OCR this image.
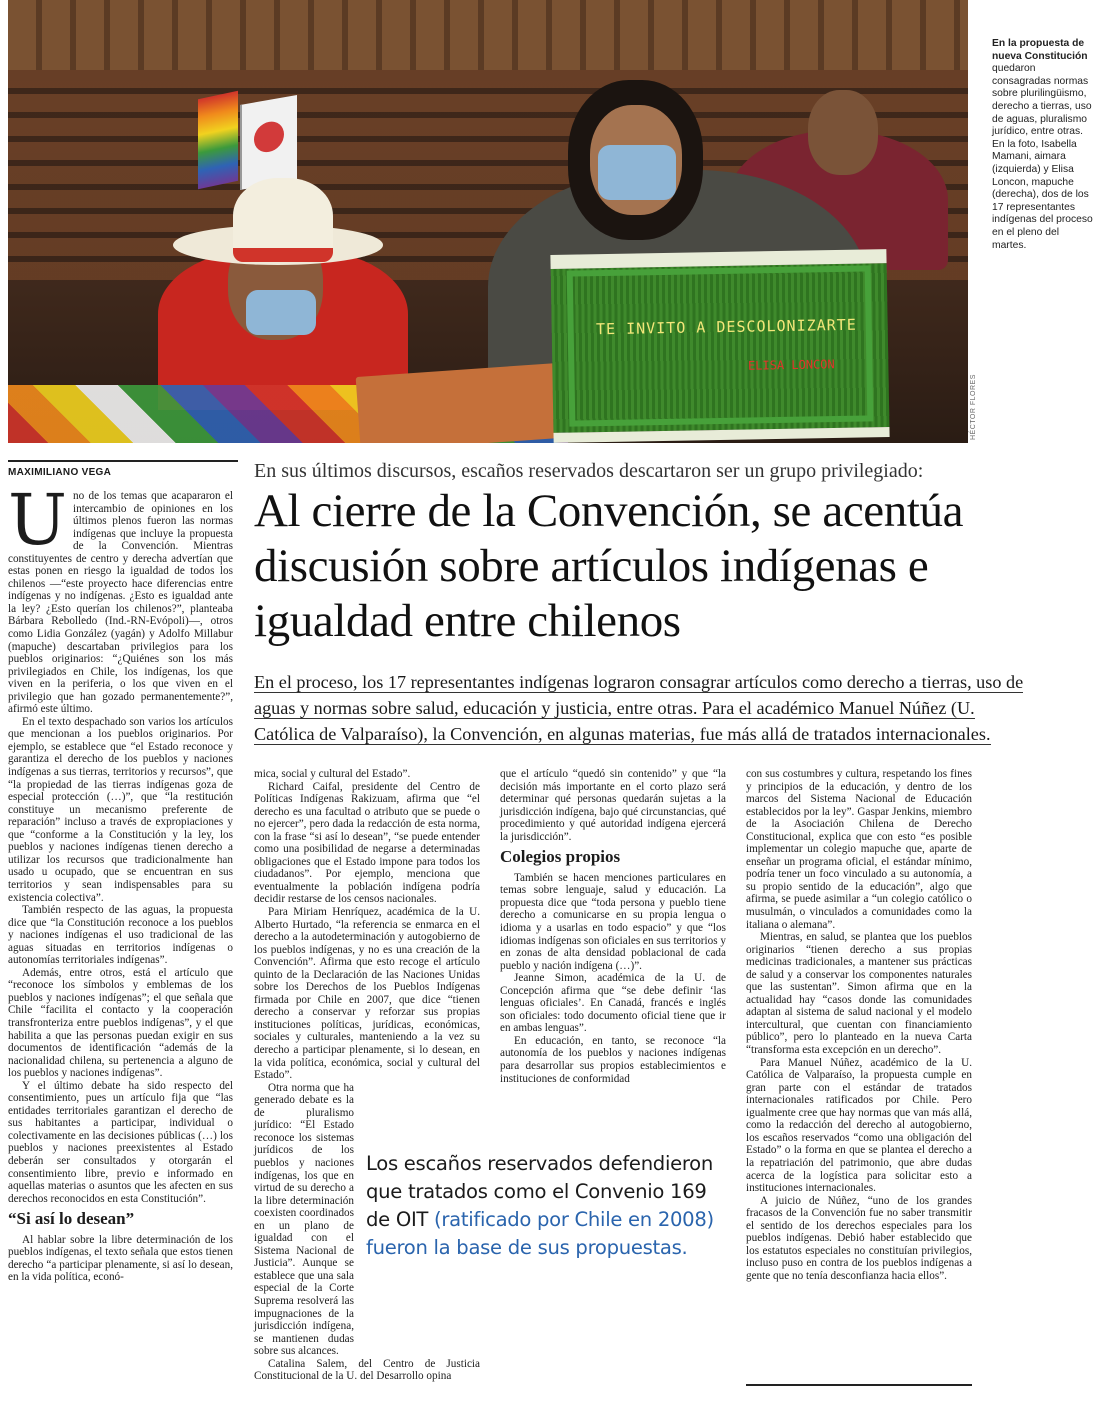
TE INVITO A DESCOLONIZARTE
ELISA LONCON
HÉCTOR FLORES
En la propuesta de nueva Constitución quedaron consagradas normas sobre plurilingüismo, derecho a tierras, uso de aguas, pluralismo jurídico, entre otras. En la foto, Isabella Mamani, aimara (izquierda) y Elisa Loncon, mapuche (derecha), dos de los 17 representantes indígenas del proceso en el pleno del martes.
MAXIMILIANO VEGA	En sus últimos discursos, escaños reservados descartaron ser un grupo privilegiado:
Al cierre de la Convención, se acentúa discusión sobre artículos indígenas e igualdad entre chilenos
En el proceso, los 17 representantes indígenas lograron consagrar artículos como derecho a tierras, uso de
aguas y normas sobre salud, educación y justicia, entre otras. Para el académico Manuel Núñez (U.
Católica de Valparaíso), la Convención, en algunas materias, fue más allá de tratados internacionales.

Uno de los temas que acapararon el intercambio de opiniones en los últimos plenos fueron las normas indígenas que incluye la propuesta de la Convención. Mientras constituyentes de centro y derecha advertían que estas ponen en riesgo la igualdad de todos los chilenos —“este proyecto hace diferencias entre indígenas y no indígenas. ¿Esto es igualdad ante la ley? ¿Esto querían los chilenos?”, planteaba Bárbara Rebolledo (Ind.-RN-Evópoli)—, otros como Lidia González (yagán) y Adolfo Millabur (mapuche) descartaban privilegios para los pueblos originarios: “¿Quiénes son los más privilegiados en Chile, los indígenas, los que viven en la periferia, o los que viven en el privilegio que han gozado permanentemente?”, afirmó este último.

En el texto despachado son varios los artículos que mencionan a los pueblos originarios. Por ejemplo, se establece que “el Estado reconoce y garantiza el derecho de los pueblos y naciones indígenas a sus tierras, territorios y recursos”, que “la propiedad de las tierras indígenas goza de especial protección (…)”, que “la restitución constituye un mecanismo preferente de reparación” incluso a través de expropiaciones y que “conforme a la Constitución y la ley, los pueblos y naciones indígenas tienen derecho a utilizar los recursos que tradicionalmente han usado u ocupado, que se encuentran en sus territorios y sean indispensables para su existencia colectiva”.

También respecto de las aguas, la propuesta dice que “la Constitución reconoce a los pueblos y naciones indígenas el uso tradicional de las aguas situadas en territorios indígenas o autonomías territoriales indígenas”.

Además, entre otros, está el artículo que “reconoce los símbolos y emblemas de los pueblos y naciones indígenas”; el que señala que Chile “facilita el contacto y la cooperación transfronteriza entre pueblos indígenas”, y el que habilita a que las personas puedan exigir en sus documentos de identificación “además de la nacionalidad chilena, su pertenencia a alguno de los pueblos y naciones indígenas”.

Y el último debate ha sido respecto del consentimiento, pues un artículo fija que “las entidades territoriales garantizan el derecho de sus habitantes a participar, individual o colectivamente en las decisiones públicas (…) los pueblos y naciones preexistentes al Estado deberán ser consultados y otorgarán el consentimiento libre, previo e informado en aquellas materias o asuntos que les afecten en sus derechos reconocidos en esta Constitución”.

“Si así lo desean”

Al hablar sobre la libre determinación de los pueblos indígenas, el texto señala que estos tienen derecho “a participar plenamente, si así lo desean, en la vida política, econó-

mica, social y cultural del Estado”.

Richard Caifal, presidente del Centro de Políticas Indígenas Rakizuam, afirma que “el derecho es una facultad o atributo que se puede o no ejercer”, pero dada la redacción de esta norma, con la frase “si así lo desean”, “se puede entender como una posibilidad de negarse a determinadas obligaciones que el Estado impone para todos los ciudadanos”. Por ejemplo, menciona que eventualmente la población indígena podría decidir restarse de los censos nacionales.

Para Miriam Henríquez, académica de la U. Alberto Hurtado, “la referencia se enmarca en el derecho a la autodeterminación y autogobierno de los pueblos indígenas, y no es una creación de la Convención”. Afirma que esto recoge el artículo quinto de la Declaración de las Naciones Unidas sobre los Derechos de los Pueblos Indígenas firmada por Chile en 2007, que dice “tienen derecho a conservar y reforzar sus propias instituciones políticas, jurídicas, económicas, sociales y culturales, manteniendo a la vez su derecho a participar plenamente, si lo desean, en la vida política, económica, social y cultural del Estado”.

Otra norma que ha generado debate es la de pluralismo jurídico: “El Estado reconoce los sistemas jurídicos de los pueblos y naciones indígenas, los que en virtud de su derecho a la libre determinación coexisten coordinados en un plano de igualdad con el Sistema Nacional de Justicia”. Aunque se establece que una sala especial de la Corte Suprema resolverá las impugnaciones de la jurisdicción indígena, se mantienen dudas sobre sus alcances.

Catalina Salem, del Centro de Justicia Constitucional de la U. del Desarrollo opina

que el artículo “quedó sin contenido” y que “la decisión más importante en el corto plazo será determinar qué personas quedarán sujetas a la jurisdicción indígena, bajo qué circunstancias, qué procedimiento y qué autoridad indígena ejercerá la jurisdicción”.

Colegios propios

También se hacen menciones particulares en temas sobre lenguaje, salud y educación. La propuesta dice que “toda persona y pueblo tiene derecho a comunicarse en su propia lengua o idioma y a usarlas en todo espacio” y que “los idiomas indígenas son oficiales en sus territorios y en zonas de alta densidad poblacional de cada pueblo y nación indígena (…)”.

Jeanne Simon, académica de la U. de Concepción afirma que “se debe definir ‘las lenguas oficiales’. En Canadá, francés e inglés son oficiales: todo documento oficial tiene que ir en ambas lenguas”.

En educación, en tanto, se reconoce “la autonomía de los pueblos y naciones indígenas para desarrollar sus propios establecimientos e instituciones de conformidad

con sus costumbres y cultura, respetando los fines y principios de la educación, y dentro de los marcos del Sistema Nacional de Educación establecidos por la ley”. Gaspar Jenkins, miembro de la Asociación Chilena de Derecho Constitucional, explica que con esto “es posible implementar un colegio mapuche que, aparte de enseñar un programa oficial, el estándar mínimo, podría tener un foco vinculado a su autonomía, a su propio sentido de la educación”, algo que afirma, se puede asimilar a “un colegio católico o musulmán, o vinculados a comunidades como la italiana o alemana”.

Mientras, en salud, se plantea que los pueblos originarios “tienen derecho a sus propias medicinas tradicionales, a mantener sus prácticas de salud y a conservar los componentes naturales que las sustentan”. Simon afirma que en la actualidad hay “casos donde las comunidades adaptan al sistema de salud nacional y el modelo intercultural, que cuentan con financiamiento público”, pero lo planteado en la nueva Carta “transforma esta excepción en un derecho”.

Para Manuel Núñez, académico de la U. Católica de Valparaíso, la propuesta cumple en gran parte con el estándar de tratados internacionales ratificados por Chile. Pero igualmente cree que hay normas que van más allá, como la redacción del derecho al autogobierno, los escaños reservados “como una obligación del Estado” o la forma en que se plantea el derecho a la repatriación del patrimonio, que abre dudas acerca de la logística para solicitar esto a instituciones internacionales.

A juicio de Núñez, “uno de los grandes fracasos de la Convención fue no saber transmitir el sentido de los derechos especiales para los pueblos indígenas. Debió haber establecido que los estatutos especiales no constituían privilegios, incluso puso en contra de los pueblos indígenas a gente que no tenía desconfianza hacia ellos”.

Los escaños reservados defendieron que tratados como el Convenio 169 de OIT (ratificado por Chile en 2008) fueron la base de sus propuestas.
